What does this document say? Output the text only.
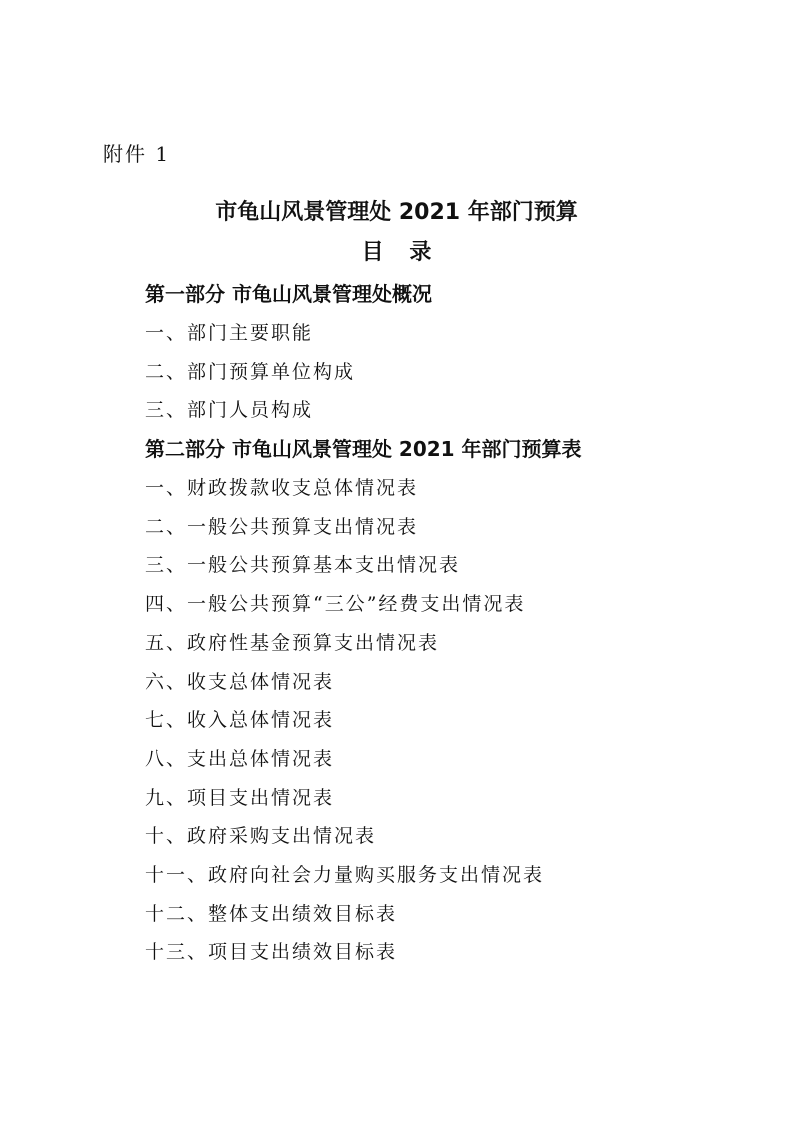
附件 1
市龟山风景管理处 2021 年部门预算
目 录
第一部分 市龟山风景管理处概况
一、部门主要职能
二、部门预算单位构成
三、部门人员构成
第二部分 市龟山风景管理处 2021 年部门预算表
一、财政拨款收支总体情况表
二、一般公共预算支出情况表
三、一般公共预算基本支出情况表
四、一般公共预算“三公”经费支出情况表
五、政府性基金预算支出情况表
六、收支总体情况表
七、收入总体情况表
八、支出总体情况表
九、项目支出情况表
十、政府采购支出情况表
十一、政府向社会力量购买服务支出情况表
十二、整体支出绩效目标表
十三、项目支出绩效目标表
